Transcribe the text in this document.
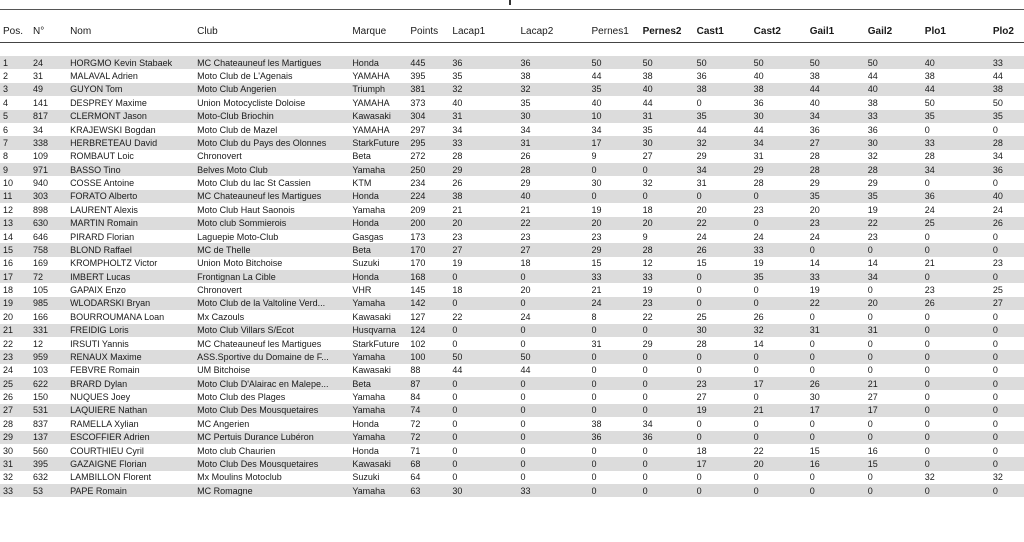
Pos.	N°	Nom	Club	Marque	Points	Lacap1	Lacap2	Pernes1	Pernes2	Cast1	Cast2	Gail1	Gail2	Plo1	Plo2

1	24	HORGMO Kevin Stabaek	MC Chateauneuf les Martigues	Honda	445	36	36	50	50	50	50	50	50	40	33
2	31	MALAVAL Adrien	Moto Club de L'Agenais	YAMAHA	395	35	38	44	38	36	40	38	44	38	44
3	49	GUYON Tom	Moto Club Angerien	Triumph	381	32	32	35	40	38	38	44	40	44	38
4	141	DESPREY Maxime	Union Motocycliste Doloise	YAMAHA	373	40	35	40	44	0	36	40	38	50	50
5	817	CLERMONT Jason	Moto-Club Briochin	Kawasaki	304	31	30	10	31	35	30	34	33	35	35
6	34	KRAJEWSKI Bogdan	Moto Club de Mazel	YAMAHA	297	34	34	34	35	44	44	36	36	0	0
7	338	HERBRETEAU David	Moto Club du Pays des Olonnes	StarkFuture	295	33	31	17	30	32	34	27	30	33	28
8	109	ROMBAUT Loic	Chronovert	Beta	272	28	26	9	27	29	31	28	32	28	34
9	971	BASSO Tino	Belves Moto Club	Yamaha	250	29	28	0	0	34	29	28	28	34	36
10	940	COSSE Antoine	Moto Club du lac St Cassien	KTM	234	26	29	30	32	31	28	29	29	0	0
11	303	FORATO Alberto	MC Chateauneuf les Martigues	Honda	224	38	40	0	0	0	0	35	35	36	40
12	898	LAURENT Alexis	Moto Club Haut Saonois	Yamaha	209	21	21	19	18	20	23	20	19	24	24
13	630	MARTIN Romain	Moto club Sommierois	Honda	200	20	22	20	20	22	0	23	22	25	26
14	646	PIRARD Florian	Laguepie Moto-Club	Gasgas	173	23	23	23	9	24	24	24	23	0	0
15	758	BLOND Raffael	MC de Thelle	Beta	170	27	27	29	28	26	33	0	0	0	0
16	169	KROMPHOLTZ Victor	Union Moto Bitchoise	Suzuki	170	19	18	15	12	15	19	14	14	21	23
17	72	IMBERT Lucas	Frontignan La Cible	Honda	168	0	0	33	33	0	35	33	34	0	0
18	105	GAPAIX Enzo	Chronovert	VHR	145	18	20	21	19	0	0	19	0	23	25
19	985	WLODARSKI Bryan	Moto Club de la Valtoline Verd...	Yamaha	142	0	0	24	23	0	0	22	20	26	27
20	166	BOURROUMANA Loan	Mx Cazouls	Kawasaki	127	22	24	8	22	25	26	0	0	0	0
21	331	FREIDIG Loris	Moto Club Villars S/Ecot	Husqvarna	124	0	0	0	0	30	32	31	31	0	0
22	12	IRSUTI Yannis	MC Chateauneuf les Martigues	StarkFuture	102	0	0	31	29	28	14	0	0	0	0
23	959	RENAUX Maxime	ASS.Sportive du Domaine de F...	Yamaha	100	50	50	0	0	0	0	0	0	0	0
24	103	FEBVRE Romain	UM Bitchoise	Kawasaki	88	44	44	0	0	0	0	0	0	0	0
25	622	BRARD Dylan	Moto Club D'Alairac en Malepe...	Beta	87	0	0	0	0	23	17	26	21	0	0
26	150	NUQUES Joey	Moto Club des Plages	Yamaha	84	0	0	0	0	27	0	30	27	0	0
27	531	LAQUIERE Nathan	Moto Club Des Mousquetaires	Yamaha	74	0	0	0	0	19	21	17	17	0	0
28	837	RAMELLA Xylian	MC Angerien	Honda	72	0	0	38	34	0	0	0	0	0	0
29	137	ESCOFFIER Adrien	MC Pertuis Durance Lubéron	Yamaha	72	0	0	36	36	0	0	0	0	0	0
30	560	COURTHIEU Cyril	Moto club Chaurien	Honda	71	0	0	0	0	18	22	15	16	0	0
31	395	GAZAIGNE Florian	Moto Club Des Mousquetaires	Kawasaki	68	0	0	0	0	17	20	16	15	0	0
32	632	LAMBILLON Florent	Mx Moulins Motoclub	Suzuki	64	0	0	0	0	0	0	0	0	32	32
33	53	PAPE Romain	MC Romagne	Yamaha	63	30	33	0	0	0	0	0	0	0	0
